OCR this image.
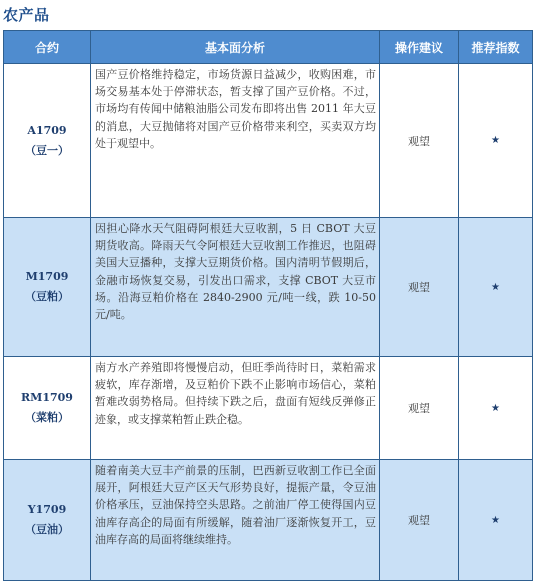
农产品
合约	基本面分析	操作建议	推荐指数

A1709
（豆一）	国产豆价格维持稳定，市场货源日益减少，收购困难，市场交易基本处于停滞状态，暂支撑了国产豆价格。不过，市场均有传闻中储粮油脂公司发布即将出售 2011 年大豆的消息，大豆抛储将对国产豆价格带来利空，买卖双方均处于观望中。	观望	★

M1709
（豆粕）	因担心降水天气阻碍阿根廷大豆收割，5 日 CBOT 大豆期货收高。降雨天气令阿根廷大豆收割工作推迟，也阻碍美国大豆播种，支撑大豆期货价格。国内清明节假期后，金融市场恢复交易，引发出口需求，支撑 CBOT 大豆市场。沿海豆粕价格在 2840-2900 元/吨一线，跌 10-50 元/吨。	观望	★

RM1709
（菜粕）	南方水产养殖即将慢慢启动，但旺季尚待时日，菜粕需求疲软，库存渐增，及豆粕价下跌不止影响市场信心，菜粕暂难改弱势格局。但持续下跌之后，盘面有短线反弹修正迹象，或支撑菜粕暂止跌企稳。	观望	★

Y1709
（豆油）	随着南美大豆丰产前景的压制，巴西新豆收割工作已全面展开，阿根廷大豆产区天气形势良好，提振产量，令豆油价格承压，豆油保持空头思路。之前油厂停工使得国内豆油库存高企的局面有所缓解，随着油厂逐渐恢复开工，豆油库存高的局面将继续维持。	观望	★
